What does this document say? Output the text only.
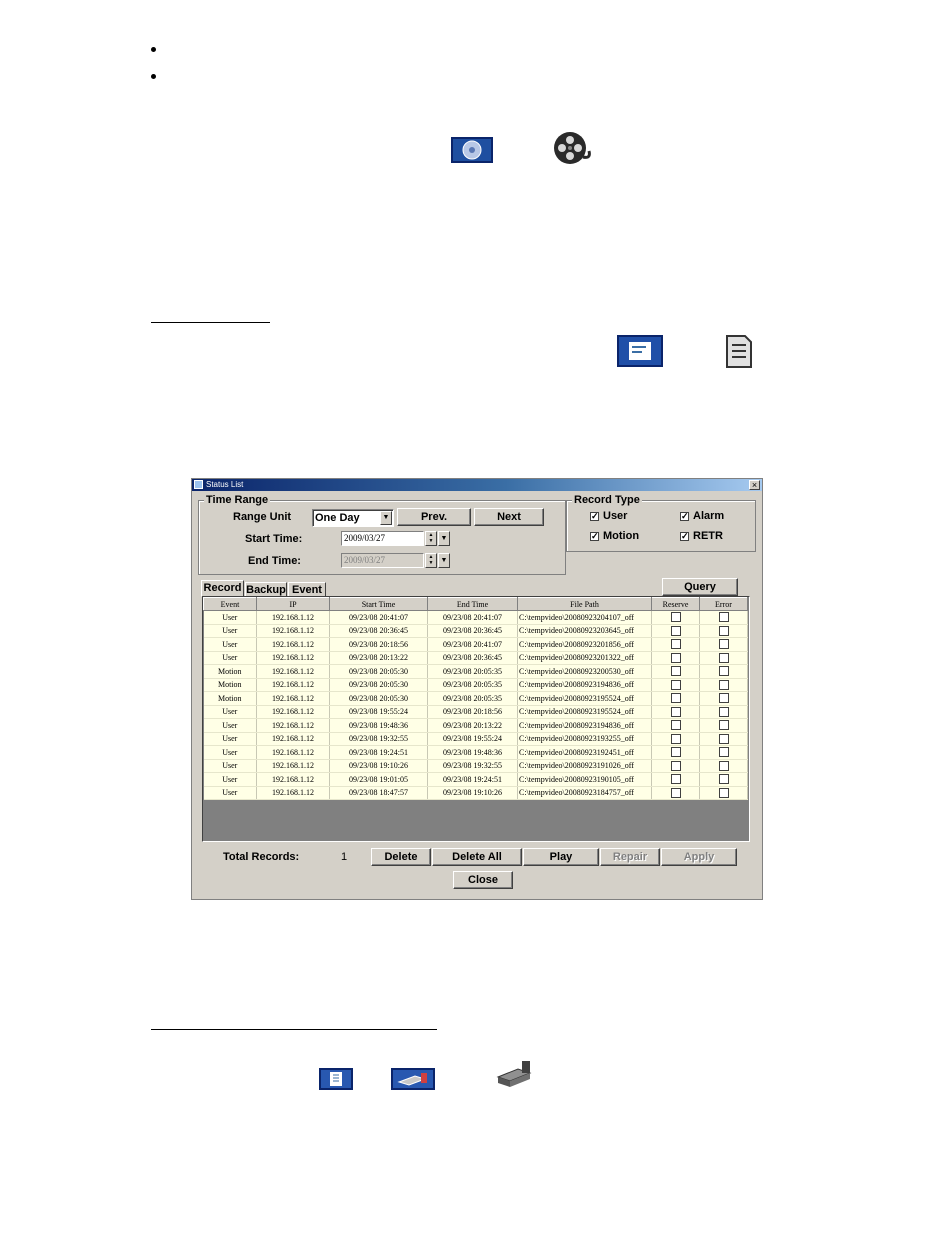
Status List	×
Time Range
Range Unit One Day	▼	Prev.	Next
Start Time:	2009/03/27	▲
▼	▼
End Time:	2009/03/27	▲
▼	▼
Record Type
✓ User	✓ Alarm
✓ Motion	✓ RETR
Record Backup Event	Query
Event	IP	Start Time	End Time	File Path	Reserve	Error
User	192.168.1.12	09/23/08 20:41:07	09/23/08 20:41:07	C:\tempvideo\20080923204107_off		
User	192.168.1.12	09/23/08 20:36:45	09/23/08 20:36:45	C:\tempvideo\20080923203645_off		
User	192.168.1.12	09/23/08 20:18:56	09/23/08 20:41:07	C:\tempvideo\20080923201856_off		
User	192.168.1.12	09/23/08 20:13:22	09/23/08 20:36:45	C:\tempvideo\20080923201322_off		
Motion	192.168.1.12	09/23/08 20:05:30	09/23/08 20:05:35	C:\tempvideo\20080923200530_off		
Motion	192.168.1.12	09/23/08 20:05:30	09/23/08 20:05:35	C:\tempvideo\20080923194836_off		
Motion	192.168.1.12	09/23/08 20:05:30	09/23/08 20:05:35	C:\tempvideo\20080923195524_off		
User	192.168.1.12	09/23/08 19:55:24	09/23/08 20:18:56	C:\tempvideo\20080923195524_off		
User	192.168.1.12	09/23/08 19:48:36	09/23/08 20:13:22	C:\tempvideo\20080923194836_off		
User	192.168.1.12	09/23/08 19:32:55	09/23/08 19:55:24	C:\tempvideo\20080923193255_off		
User	192.168.1.12	09/23/08 19:24:51	09/23/08 19:48:36	C:\tempvideo\20080923192451_off		
User	192.168.1.12	09/23/08 19:10:26	09/23/08 19:32:55	C:\tempvideo\20080923191026_off		
User	192.168.1.12	09/23/08 19:01:05	09/23/08 19:24:51	C:\tempvideo\20080923190105_off		
User	192.168.1.12	09/23/08 18:47:57	09/23/08 19:10:26	C:\tempvideo\20080923184757_off		
Total Records:	1	Delete	Delete All	Play	Repair	Apply
Close
